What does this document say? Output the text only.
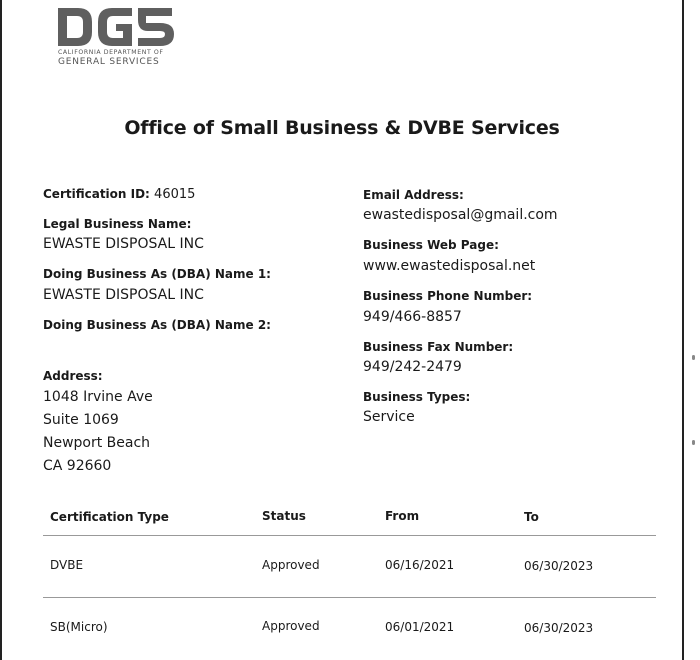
CALIFORNIA DEPARTMENT OF
GENERAL SERVICES
Office of Small Business & DVBE Services
Certification ID: 46015
Legal Business Name:
EWASTE DISPOSAL INC
Doing Business As (DBA) Name 1:
EWASTE DISPOSAL INC
Doing Business As (DBA) Name 2:
Address:
1048 Irvine Ave
Suite 1069
Newport Beach
CA 92660
Email Address:
ewastedisposal@gmail.com
Business Web Page:
www.ewastedisposal.net
Business Phone Number:
949/466-8857
Business Fax Number:
949/242-2479
Business Types:
Service
Certification Type	Status	From	To
DVBE	Approved	06/16/2021	06/30/2023
SB(Micro)	Approved	06/01/2021	06/30/2023
